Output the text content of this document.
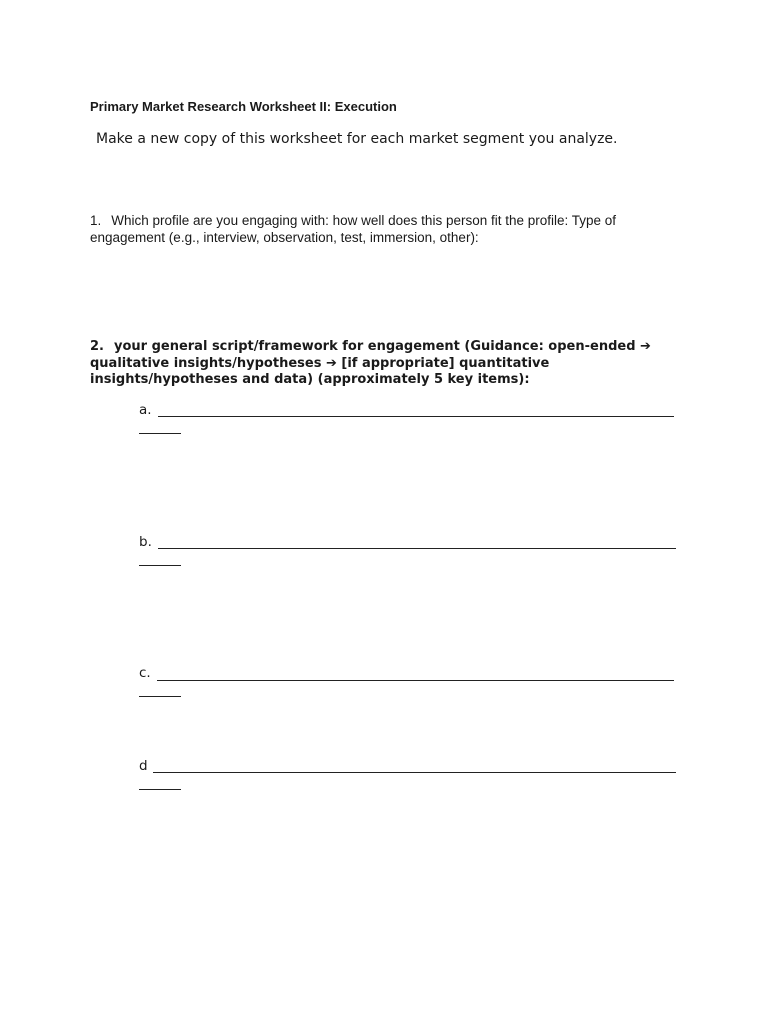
Primary Market Research Worksheet II: Execution
Make a new copy of this worksheet for each market segment you analyze.
1. Which profile are you engaging with: how well does this person fit the profile: Type of engagement (e.g., interview, observation, test, immersion, other):
2. your general script/framework for engagement (Guidance: open-ended ➔ qualitative insights/hypotheses ➔ [if appropriate] quantitative insights/hypotheses and data) (approximately 5 key items):
a.
b.
c.
d
